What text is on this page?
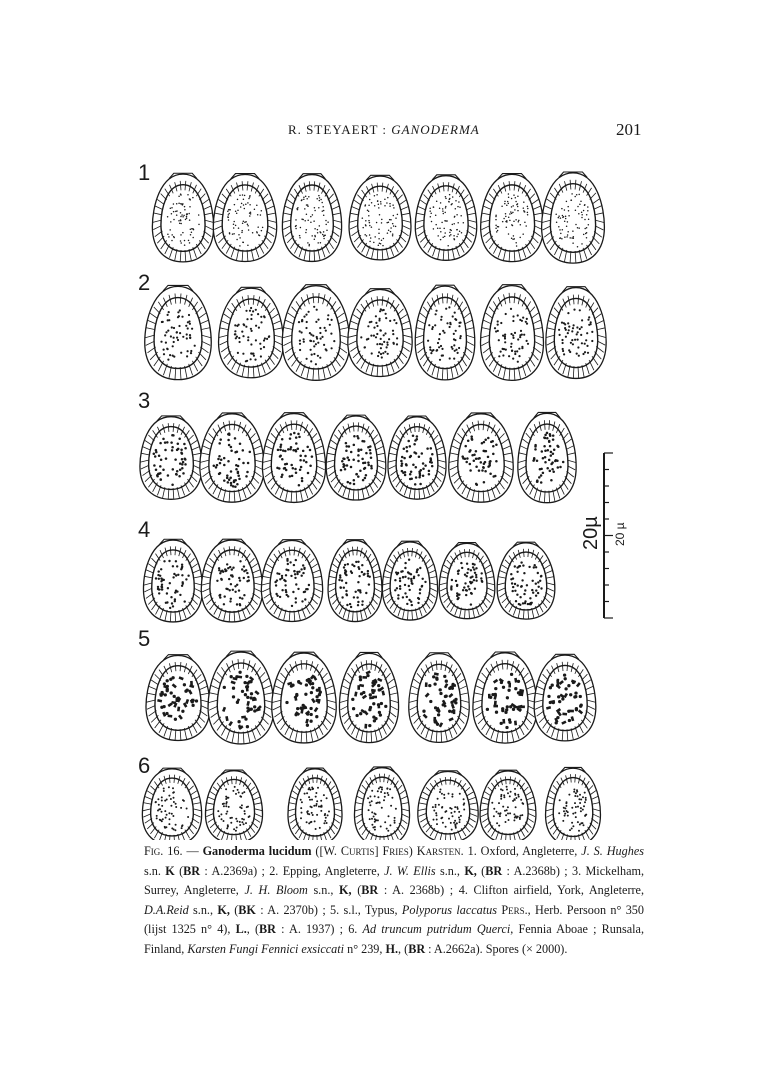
R. STEYAERT : GANODERMA	201
1
2
3
4
5
6
20µ 20 µ
Fig. 16. — Ganoderma lucidum ([W. Curtis] Fries) Karsten. 1. Oxford, Angleterre, J. S. Hughes s.n. K (BR : A.2369a) ; 2. Epping, Angleterre, J. W. Ellis s.n., K, (BR : A.2368b) ; 3. Mickelham, Surrey, Angleterre, J. H. Bloom s.n., K, (BR : A. 2368b) ; 4. Clifton airfield, York, Angleterre, D.A.Reid s.n., K, (BK : A. 2370b) ; 5. s.l., Typus, Polyporus laccatus Pers., Herb. Persoon n° 350 (lijst 1325 n° 4), L., (BR : A. 1937) ; 6. Ad truncum putridum Querci, Fennia Aboae ; Runsala, Finland, Karsten Fungi Fennici exsiccati n° 239, H., (BR : A.2662a). Spores (× 2000).
